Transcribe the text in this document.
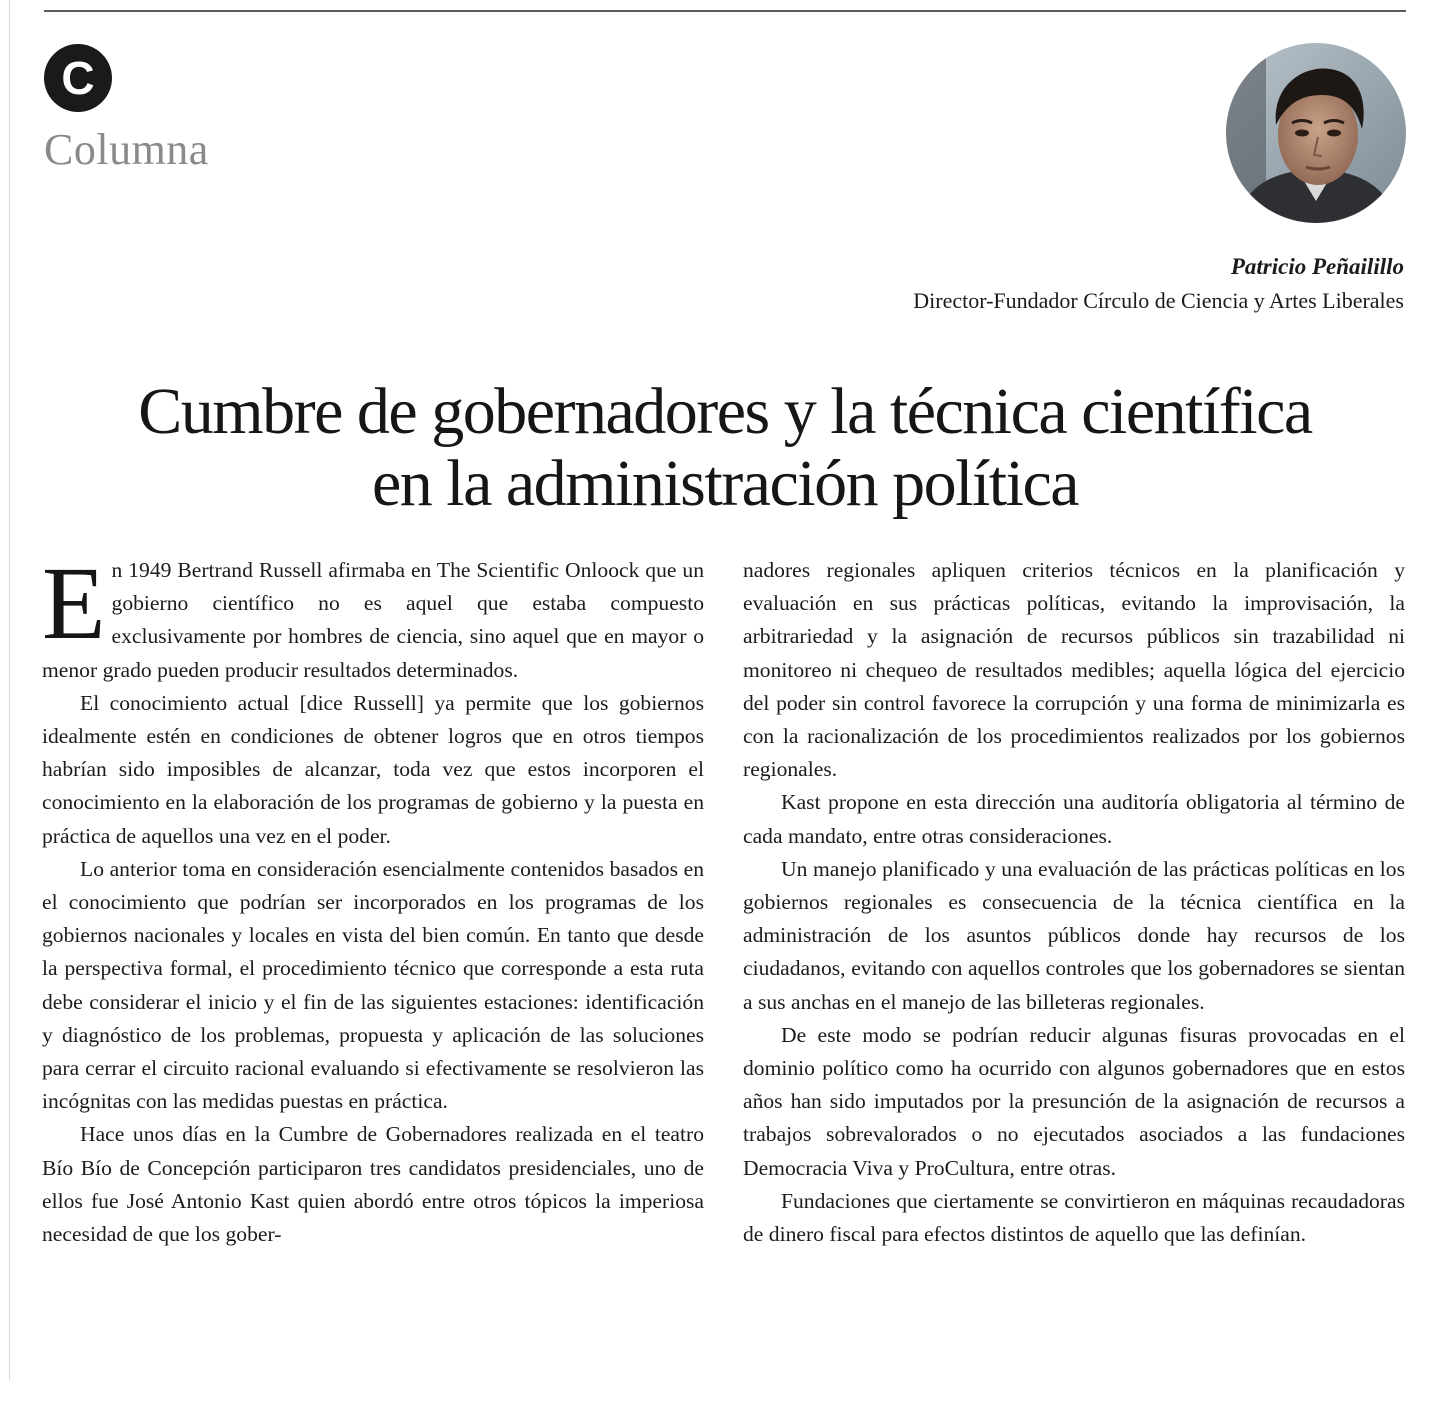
C
Columna
Patricio Peñailillo
Director-Fundador Círculo de Ciencia y Artes Liberales
Cumbre de gobernadores y la técnica científica
en la administración política

En 1949 Bertrand Russell afirmaba en The Scientific Onloock que un gobierno científico no es aquel que estaba compuesto exclusivamente por hombres de ciencia, sino aquel que en mayor o menor grado pueden producir resultados determinados.

El conocimiento actual [dice Russell] ya permite que los gobiernos idealmente estén en condiciones de obtener logros que en otros tiempos habrían sido imposibles de alcanzar, toda vez que estos incorporen el conocimiento en la elaboración de los programas de gobierno y la puesta en práctica de aquellos una vez en el poder.

Lo anterior toma en consideración esencialmente contenidos basados en el conocimiento que podrían ser incorporados en los programas de los gobiernos nacionales y locales en vista del bien común. En tanto que desde la perspectiva formal, el procedimiento técnico que corresponde a esta ruta debe considerar el inicio y el fin de las siguientes estaciones: identificación y diagnóstico de los problemas, propuesta y aplicación de las soluciones para cerrar el circuito racional evaluando si efectivamente se resolvieron las incógnitas con las medidas puestas en práctica.

Hace unos días en la Cumbre de Gobernadores realizada en el teatro Bío Bío de Concepción participaron tres candidatos presidenciales, uno de ellos fue José Antonio Kast quien abordó entre otros tópicos la imperiosa necesidad de que los gober-

nadores regionales apliquen criterios técnicos en la planificación y evaluación en sus prácticas políticas, evitando la improvisación, la arbitrariedad y la asignación de recursos públicos sin trazabilidad ni monitoreo ni chequeo de resultados medibles; aquella lógica del ejercicio del poder sin control favorece la corrupción y una forma de minimizarla es con la racionalización de los procedimientos realizados por los gobiernos regionales.

Kast propone en esta dirección una auditoría obligatoria al término de cada mandato, entre otras consideraciones.

Un manejo planificado y una evaluación de las prácticas políticas en los gobiernos regionales es consecuencia de la técnica científica en la administración de los asuntos públicos donde hay recursos de los ciudadanos, evitando con aquellos controles que los gobernadores se sientan a sus anchas en el manejo de las billeteras regionales.

De este modo se podrían reducir algunas fisuras provocadas en el dominio político como ha ocurrido con algunos gobernadores que en estos años han sido imputados por la presunción de la asignación de recursos a trabajos sobrevalorados o no ejecutados asociados a las fundaciones Democracia Viva y ProCultura, entre otras.

Fundaciones que ciertamente se convirtieron en máquinas recaudadoras de dinero fiscal para efectos distintos de aquello que las definían.
